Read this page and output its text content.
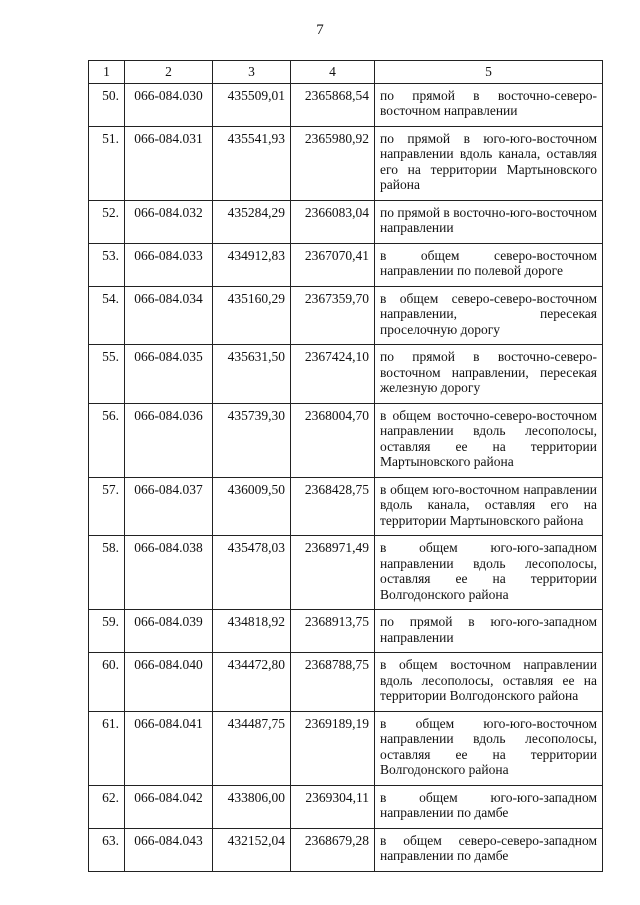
7
1	2	3	4	5
50.	066-084.030	435509,01	2365868,54	по прямой в восточно-северо-восточном направлении
51.	066-084.031	435541,93	2365980,92	по прямой в юго-юго-восточном направлении вдоль канала, оставляя его на территории Мартыновского района
52.	066-084.032	435284,29	2366083,04	по прямой в восточно-юго-восточном направлении
53.	066-084.033	434912,83	2367070,41	в общем северо-восточном направлении по полевой дороге
54.	066-084.034	435160,29	2367359,70	в общем северо-северо-восточном направлении, пересекая проселочную дорогу
55.	066-084.035	435631,50	2367424,10	по прямой в восточно-северо-восточном направлении, пересекая железную дорогу
56.	066-084.036	435739,30	2368004,70	в общем восточно-северо-восточном направлении вдоль лесополосы, оставляя ее на территории Мартыновского района
57.	066-084.037	436009,50	2368428,75	в общем юго-восточном направлении вдоль канала, оставляя его на территории Мартыновского района
58.	066-084.038	435478,03	2368971,49	в общем юго-юго-западном направлении вдоль лесополосы, оставляя ее на территории Волгодонского района
59.	066-084.039	434818,92	2368913,75	по прямой в юго-юго-западном направлении
60.	066-084.040	434472,80	2368788,75	в общем восточном направлении вдоль лесополосы, оставляя ее на территории Волгодонского района
61.	066-084.041	434487,75	2369189,19	в общем юго-юго-восточном направлении вдоль лесополосы, оставляя ее на территории Волгодонского района
62.	066-084.042	433806,00	2369304,11	в общем юго-юго-западном направлении по дамбе
63.	066-084.043	432152,04	2368679,28	в общем северо-северо-западном направлении по дамбе
